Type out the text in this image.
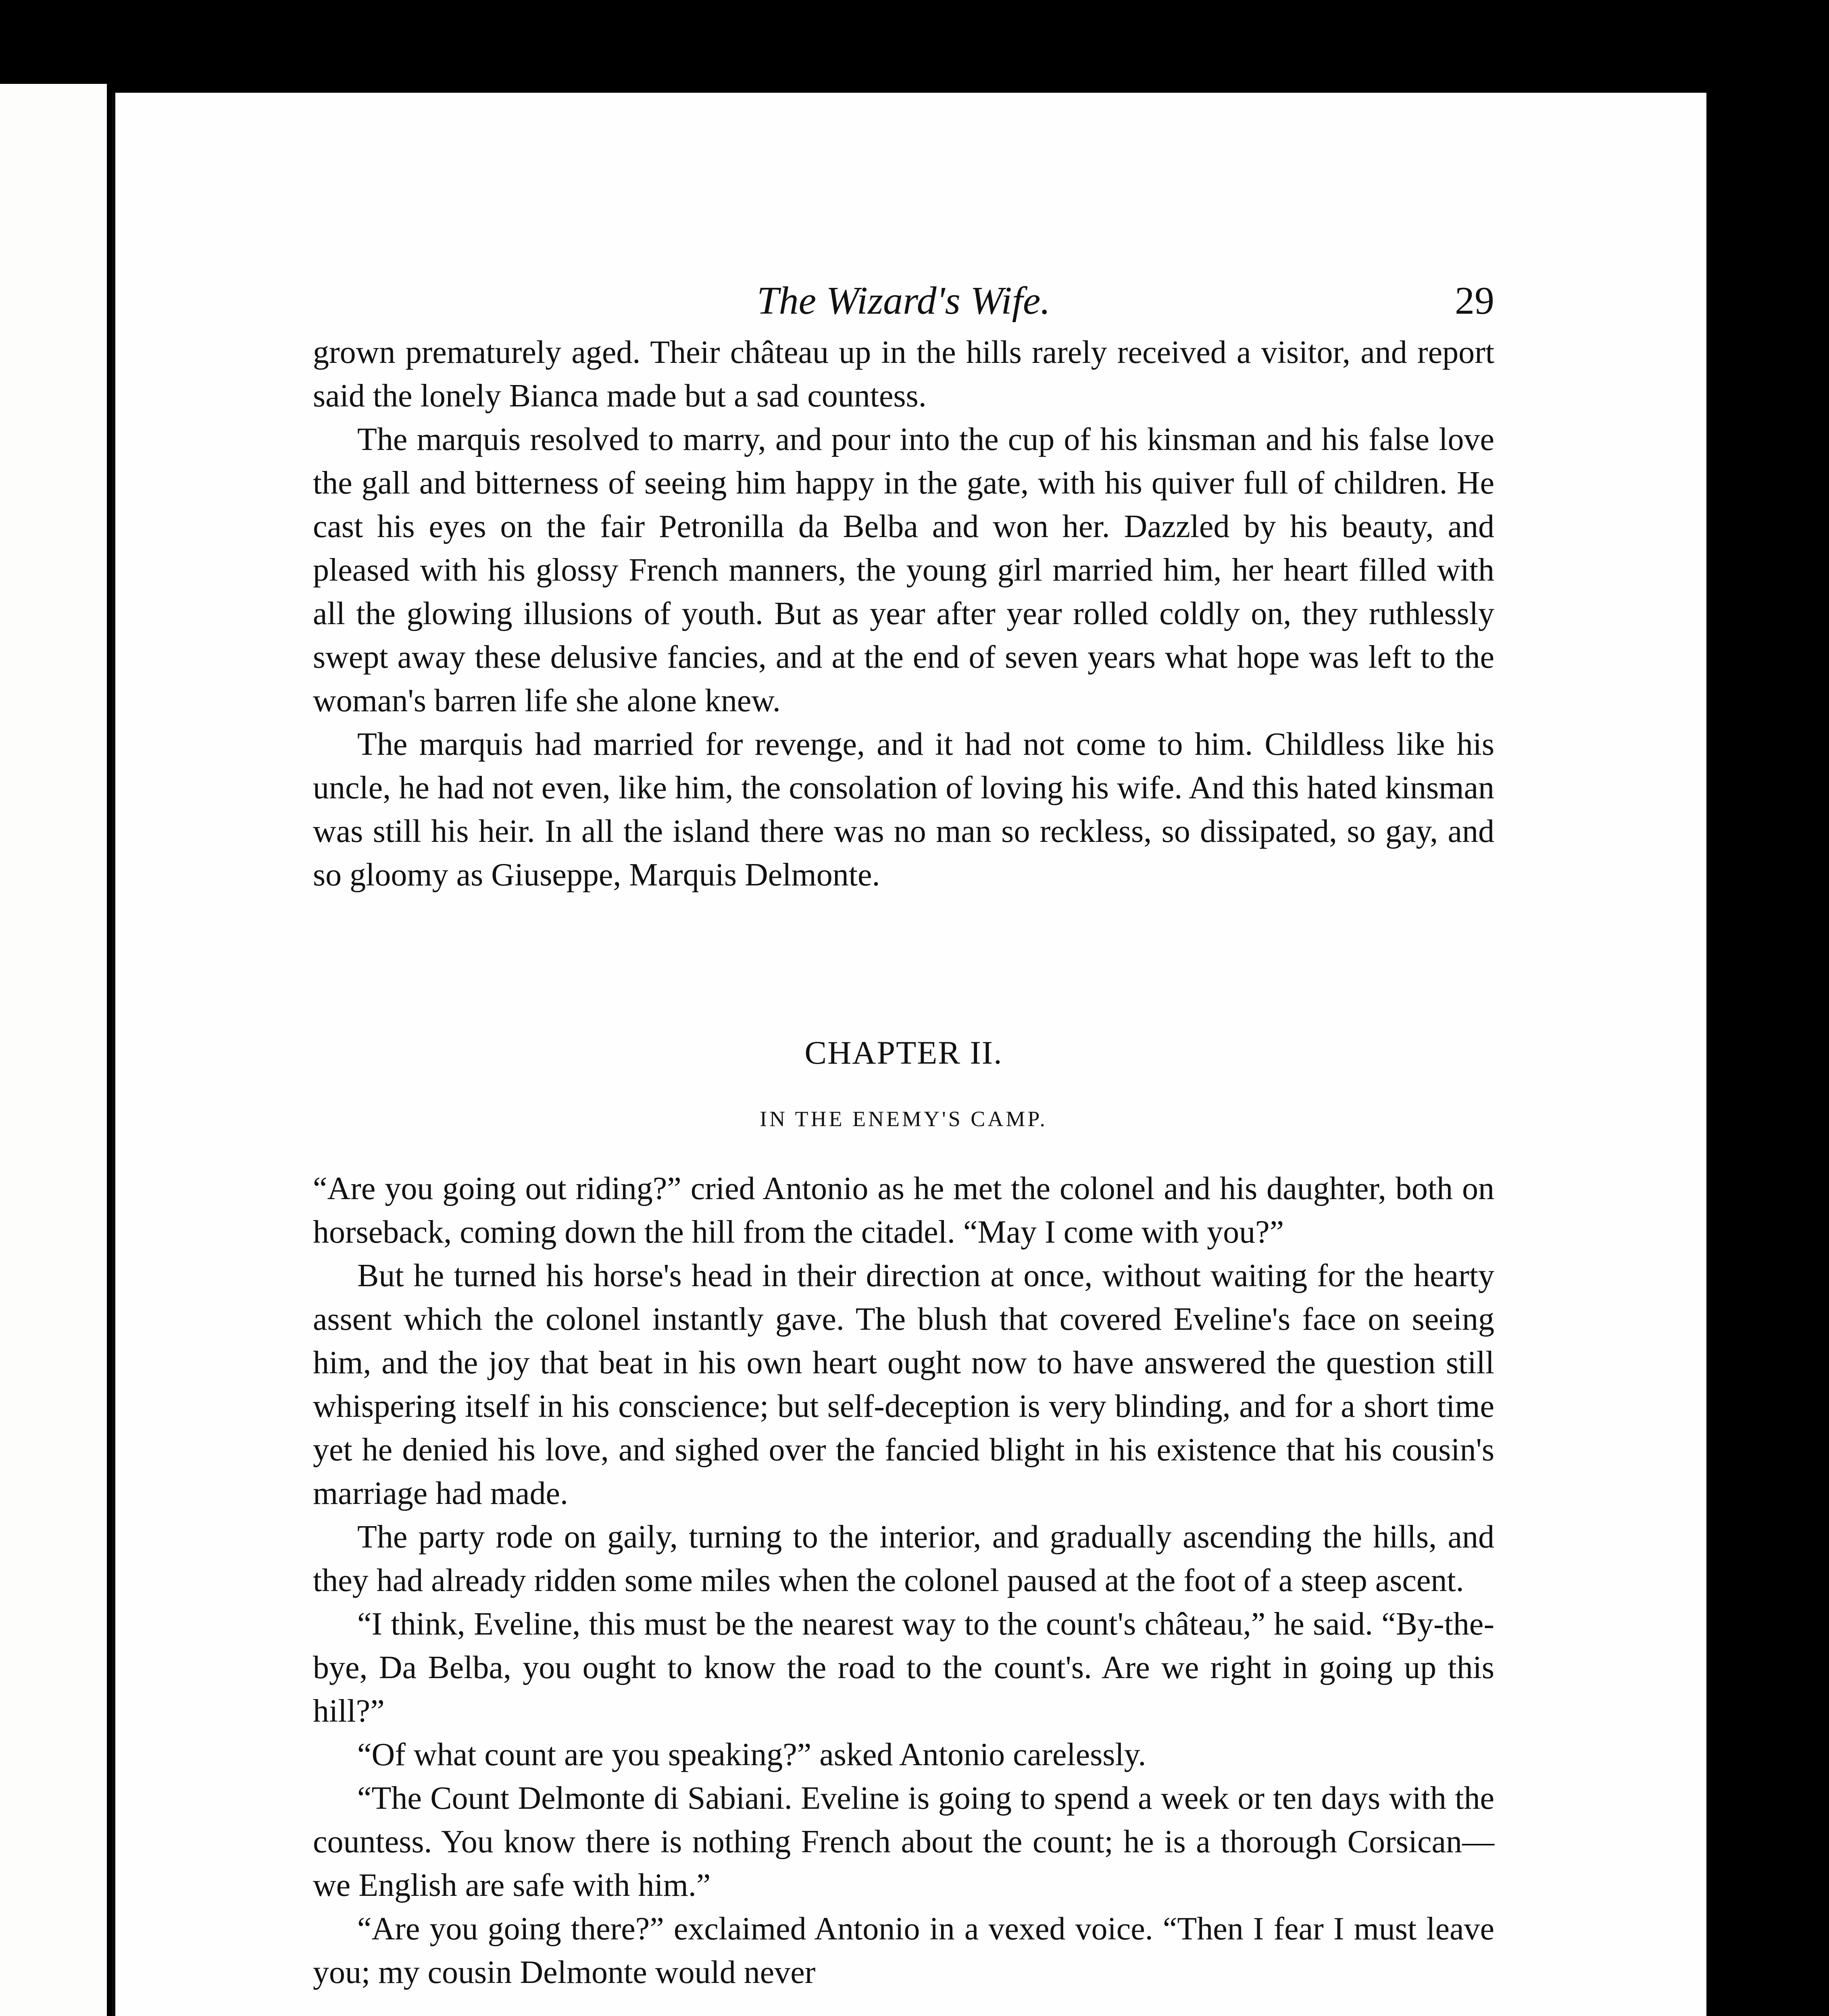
The Wizard's Wife.	29

grown prematurely aged. Their château up in the hills rarely received a visitor, and report said the lonely Bianca made but a sad countess.

The marquis resolved to marry, and pour into the cup of his kinsman and his false love the gall and bitterness of seeing him happy in the gate, with his quiver full of children. He cast his eyes on the fair Petronilla da Belba and won her. Dazzled by his beauty, and pleased with his glossy French manners, the young girl married him, her heart filled with all the glowing illusions of youth. But as year after year rolled coldly on, they ruthlessly swept away these delusive fancies, and at the end of seven years what hope was left to the woman's barren life she alone knew.

The marquis had married for revenge, and it had not come to him. Childless like his uncle, he had not even, like him, the consolation of loving his wife. And this hated kinsman was still his heir. In all the island there was no man so reckless, so dissipated, so gay, and so gloomy as Giuseppe, Marquis Delmonte.

CHAPTER II.
IN THE ENEMY'S CAMP.

“Are you going out riding?” cried Antonio as he met the colonel and his daughter, both on horseback, coming down the hill from the citadel. “May I come with you?”

But he turned his horse's head in their direction at once, without waiting for the hearty assent which the colonel instantly gave. The blush that covered Eveline's face on seeing him, and the joy that beat in his own heart ought now to have answered the question still whispering itself in his conscience; but self-deception is very blinding, and for a short time yet he denied his love, and sighed over the fancied blight in his existence that his cousin's marriage had made.

The party rode on gaily, turning to the interior, and gradually ascending the hills, and they had already ridden some miles when the colonel paused at the foot of a steep ascent.

“I think, Eveline, this must be the nearest way to the count's château,” he said. “By-the-bye, Da Belba, you ought to know the road to the count's. Are we right in going up this hill?”

“Of what count are you speaking?” asked Antonio carelessly.

“The Count Delmonte di Sabiani. Eveline is going to spend a week or ten days with the countess. You know there is nothing French about the count; he is a thorough Corsican—we English are safe with him.”

“Are you going there?” exclaimed Antonio in a vexed voice. “Then I fear I must leave you; my cousin Delmonte would never
